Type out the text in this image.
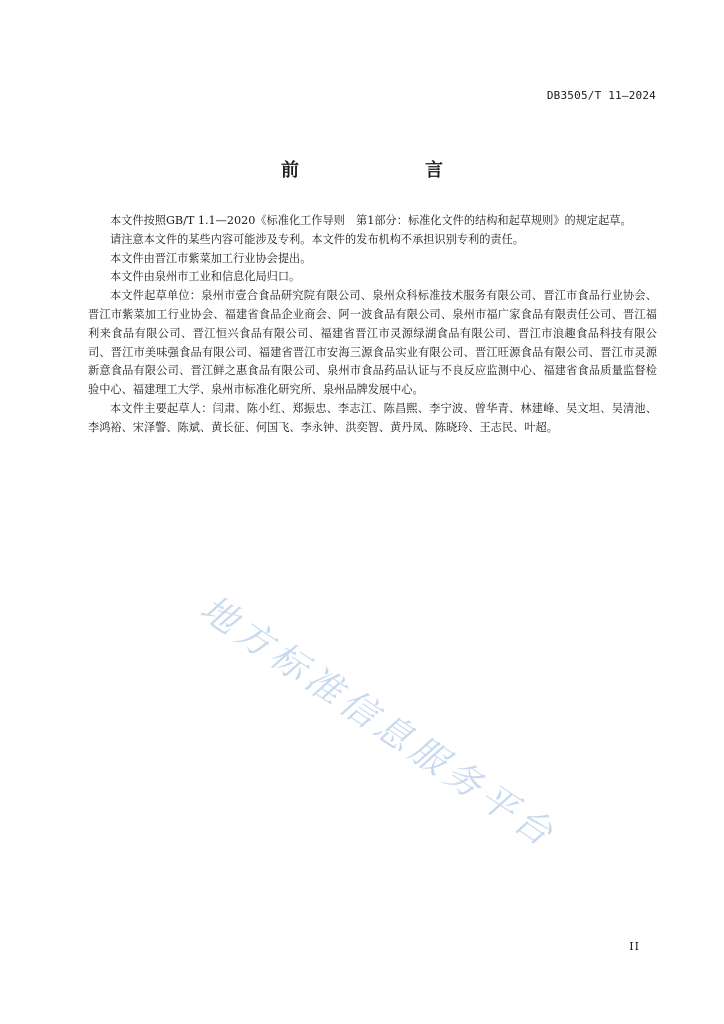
DB3505/T 11—2024
前　　言

本文件按照GB/T 1.1—2020《标准化工作导则　第1部分：标准化文件的结构和起草规则》的规定起草。

请注意本文件的某些内容可能涉及专利。本文件的发布机构不承担识别专利的责任。

本文件由晋江市紫菜加工行业协会提出。

本文件由泉州市工业和信息化局归口。

本文件起草单位：泉州市壹合食品研究院有限公司、泉州众科标准技术服务有限公司、晋江市食品行业协会、晋江市紫菜加工行业协会、福建省食品企业商会、阿一波食品有限公司、泉州市福广家食品有限责任公司、晋江福利来食品有限公司、晋江恒兴食品有限公司、福建省晋江市灵源绿湖食品有限公司、晋江市浪趣食品科技有限公司、晋江市美味强食品有限公司、福建省晋江市安海三源食品实业有限公司、晋江旺源食品有限公司、晋江市灵源新意食品有限公司、晋江鲜之惠食品有限公司、泉州市食品药品认证与不良反应监测中心、福建省食品质量监督检验中心、福建理工大学、泉州市标准化研究所、泉州品牌发展中心。

本文件主要起草人：闫肃、陈小红、郑振忠、李志江、陈昌熙、李宁波、曾华青、林建峰、吴文坦、吴清池、李鸿裕、宋泽警、陈斌、黄长征、何国飞、李永钟、洪奕智、黄丹凤、陈晓玲、王志民、叶超。

地方标准信息服务平台
II
